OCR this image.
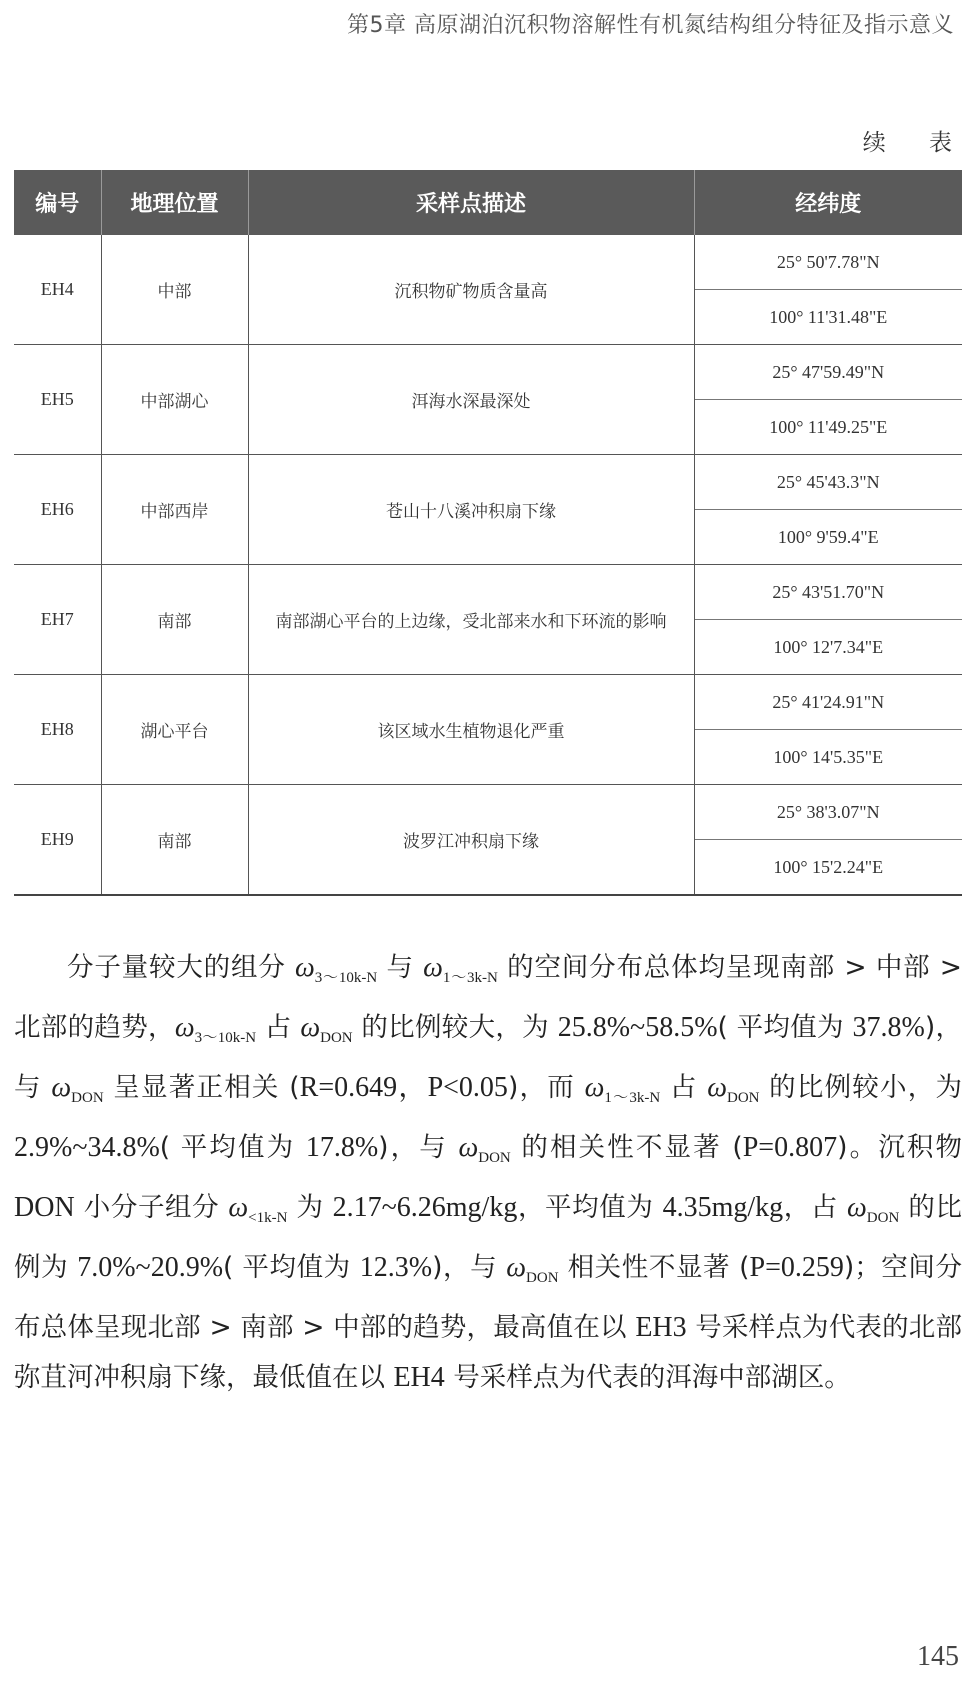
第5章 高原湖泊沉积物溶解性有机氮结构组分特征及指示意义
续 表
编号	地理位置	采样点描述	经纬度
EH4	中部	沉积物矿物质含量高	25° 50'7.78"N
			100° 11'31.48"E
EH5	中部湖心	洱海水深最深处	25° 47'59.49"N
			100° 11'49.25"E
EH6	中部西岸	苍山十八溪冲积扇下缘	25° 45'43.3"N
			100° 9'59.4"E
EH7	南部	南部湖心平台的上边缘，受北部来水和下环流的影响	25° 43'51.70"N
			100° 12'7.34"E
EH8	湖心平台	该区域水生植物退化严重	25° 41'24.91"N
			100° 14'5.35"E
EH9	南部	波罗江冲积扇下缘	25° 38'3.07"N
			100° 15'2.24"E

分子量较大的组分 $\omega_{3\sim 10k-N}$ 与 $\omega_{1\sim 3k-N}$ 的空间分布总体均呈现南部 > 中部 > 北部的趋势，$\omega_{3\sim 10k-N}$ 占 $\omega_{DON}$ 的比例较大，为 25.8%~58.5%( 平均值为 37.8%)，与 $\omega_{DON}$ 呈显著正相关 (R=0.649，P<0.05)，而 $\omega_{1\sim 3k-N}$ 占 $\omega_{DON}$ 的比例较小，为 2.9%~34.8%( 平均值为 17.8%)，与 $\omega_{DON}$ 的相关性不显著 (P=0.807)。沉积物 DON 小分子组分 $\omega_{<1k-N}$ 为 2.17~6.26mg/kg，平均值为 4.35mg/kg，占 $\omega_{DON}$ 的比例为 7.0%~20.9%( 平均值为 12.3%)，与 $\omega_{DON}$ 相关性不显著 (P=0.259)；空间分布总体呈现北部 > 南部 > 中部的趋势，最高值在以 EH3 号采样点为代表的北部弥苴河冲积扇下缘，最低值在以 EH4 号采样点为代表的洱海中部湖区。

145
